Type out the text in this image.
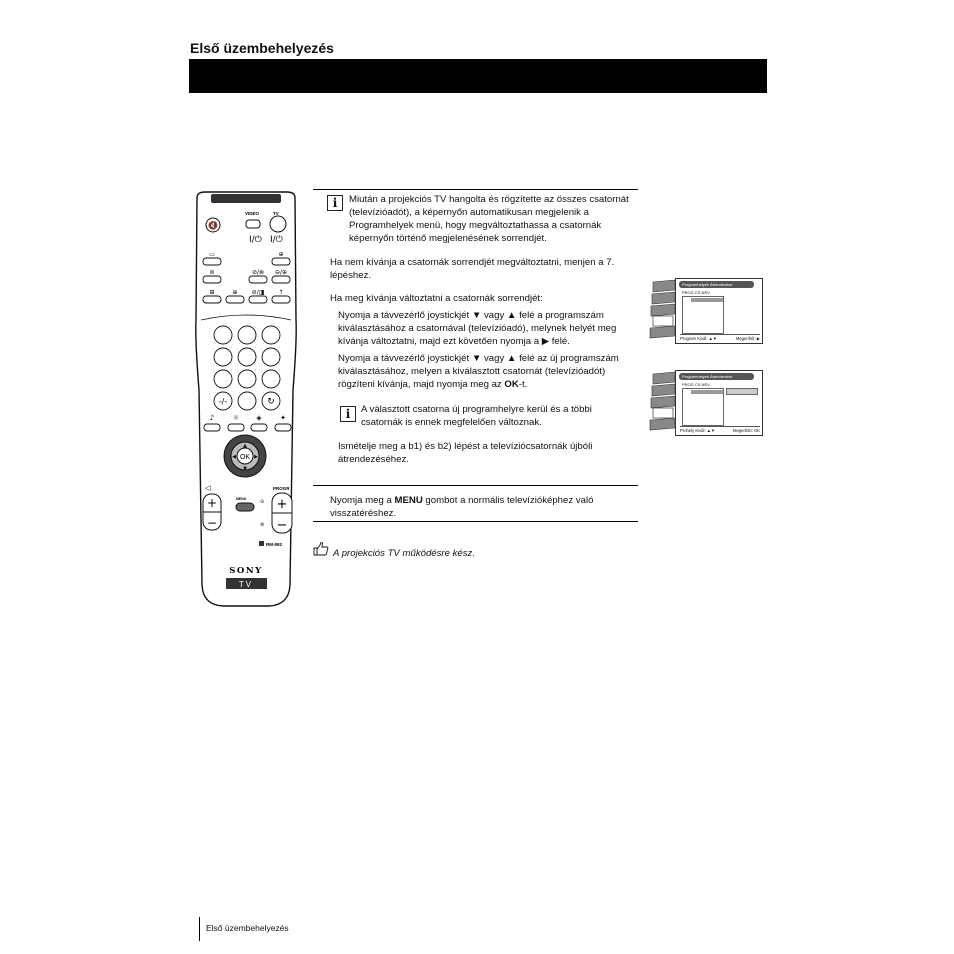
Első üzembehelyezés
🔇
VIDEO	TV
I/⏻ I/⏻
▭	⊕
⊜	⊘/⊗ ⊖/⊕
⊞	⊕ ⊘/◨ ↑
-/-	↻
♪	☼ ◈	✦
OK
▲
▼
◀	▶
◁
+
−
PROGR
+
−
MENU	⊝
⊜
RM-892
SONY
TV
i	Miután a projekciós TV hangolta és rögzítette az összes csatornát (televízióadót), a képernyőn automatikusan megjelenik a Programhelyek menü, hogy megváltoztathassa a csatornák képernyőn történő megjelenésének sorrendjét.

Ha nem kívánja a csatornák sorrendjét megváltoztatni, menjen a 7. lépéshez.

Ha meg kívánja változtatni a csatornák sorrendjét:

Nyomja a távvezérlő joystickjét ▼ vagy ▲ felé a programszám kiválasztásához a csatornával (televízióadó), melynek helyét meg kívánja változtatni, majd ezt követően nyomja a ▶ felé.

Nyomja a távvezérlő joystickjét ▼ vagy ▲ felé az új programszám kiválasztásához, melyen a kiválasztott csatornát (televízióadót) rögzíteni kívánja, majd nyomja meg az OK-t.

i	A választott csatorna új programhelyre kerül és a többi csatornák is ennek megfelelően változnak.

Ismételje meg a b1) és b2) lépést a televíziócsatornák újbóli átrendezéséhez.

Nyomja meg a MENU gombot a normális televízióképhez való visszatéréshez.

A projekciós TV működésre kész.
Programhelyek Átrendezése
PROG CS NÉV
Program Kivál: ▲▼	Megerősít: ▶
Programhelyek Átrendezése
PROG CS NÉV
Prohely Kivál: ▲▼	Megerősít: OK
Első üzembehelyezés
